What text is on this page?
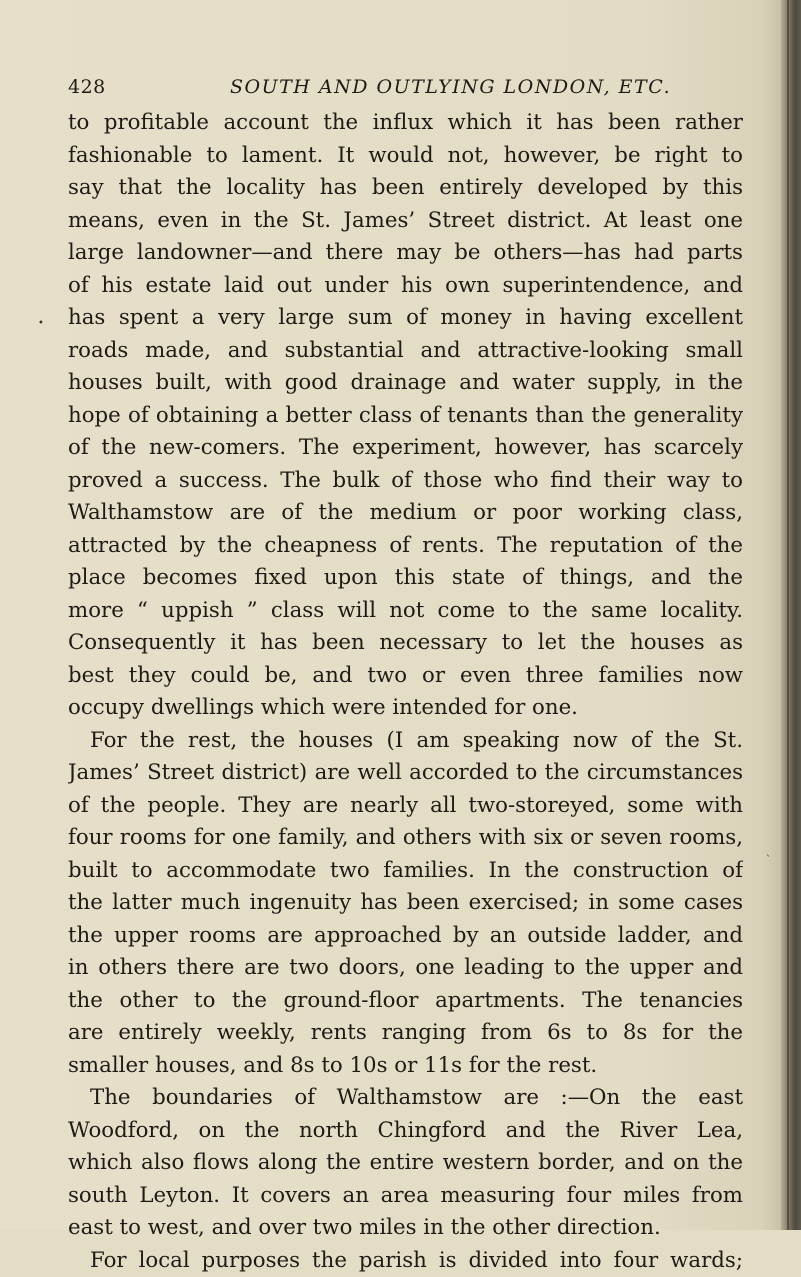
428	SOUTH AND OUTLYING LONDON, ETC.
to profitable account the influx which it has been rather
fashionable to lament. It would not, however, be right to
say that the locality has been entirely developed by this
means, even in the St. James’ Street district. At least one
large landowner—and there may be others—has had parts
of his estate laid out under his own superintendence, and
has spent a very large sum of money in having excellent
roads made, and substantial and attractive-looking small
houses built, with good drainage and water supply, in the
hope of obtaining a better class of tenants than the generality
of the new-comers. The experiment, however, has scarcely
proved a success. The bulk of those who find their way to
Walthamstow are of the medium or poor working class,
attracted by the cheapness of rents. The reputation of the
place becomes fixed upon this state of things, and the
more “ uppish ” class will not come to the same locality.
Consequently it has been necessary to let the houses as
best they could be, and two or even three families now
occupy dwellings which were intended for one.
For the rest, the houses (I am speaking now of the St.
James’ Street district) are well accorded to the circumstances
of the people. They are nearly all two-storeyed, some with
four rooms for one family, and others with six or seven rooms,
built to accommodate two families. In the construction of
the latter much ingenuity has been exercised; in some cases
the upper rooms are approached by an outside ladder, and
in others there are two doors, one leading to the upper and
the other to the ground-floor apartments. The tenancies
are entirely weekly, rents ranging from 6s to 8s for the
smaller houses, and 8s to 10s or 11s for the rest.
The boundaries of Walthamstow are :—On the east
Woodford, on the north Chingford and the River Lea,
which also flows along the entire western border, and on the
south Leyton. It covers an area measuring four miles from
east to west, and over two miles in the other direction.
For local purposes the parish is divided into four wards;
•
ˋ
